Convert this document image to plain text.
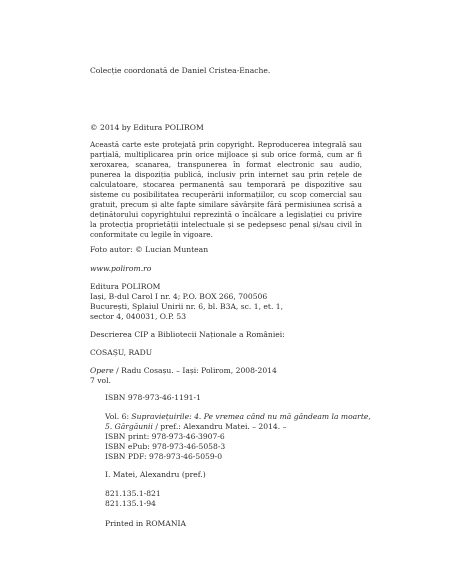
Colecție coordonată de Daniel Cristea-Enache.
© 2014 by Editura POLIROM
Această carte este protejată prin copyright. Reproducerea integrală sau parțială, multiplicarea prin orice mijloace și sub orice formă, cum ar fi xeroxarea, scanarea, transpunerea în format electronic sau audio, punerea la dispoziția publică, inclusiv prin internet sau prin rețele de calculatoare, stocarea permanentă sau temporară pe dispozitive sau sisteme cu posibilitatea recuperării informațiilor, cu scop comercial sau gratuit, precum și alte fapte similare săvârșite fără permisiunea scrisă a deținătorului copyrightului reprezintă o încălcare a legislației cu privire la protecția proprietății intelectuale și se pedepsesc penal și/sau civil în conformitate cu legile în vigoare.
Foto autor: © Lucian Muntean
www.polirom.ro
Editura POLIROM
Iași, B-dul Carol I nr. 4; P.O. BOX 266, 700506
București, Splaiul Unirii nr. 6, bl. B3A, sc. 1, et. 1,
sector 4, 040031, O.P. 53
Descrierea CIP a Bibliotecii Naționale a României:
COSAȘU, RADU
Opere / Radu Cosașu. – Iași: Polirom, 2008-2014
7 vol.
ISBN 978-973-46-1191-1
Vol. 6: Supraviețuirile: 4. Pe vremea când nu mă gândeam la moarte,
5. Gărgăunii / pref.: Alexandru Matei. – 2014. –
ISBN print: 978-973-46-3907-6
ISBN ePub: 978-973-46-5058-3
ISBN PDF: 978-973-46-5059-0
I. Matei, Alexandru (pref.)
821.135.1-821
821.135.1-94
Printed in ROMANIA
